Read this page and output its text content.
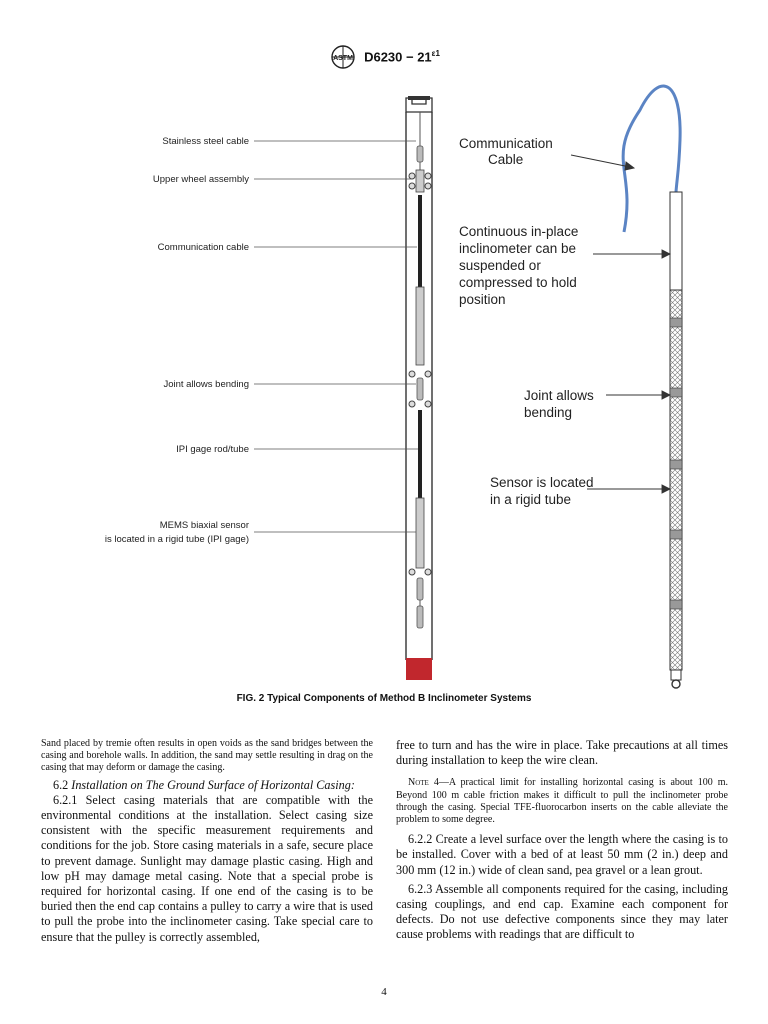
ASTM $D6230 - 21^{\varepsilon 1}$
Stainless steel cable
Upper wheel assembly
Communication cable
Joint allows bending
IPI gage rod/tube
MEMS biaxial sensor
is located in a rigid tube (IPI gage)
Communication
Cable
Continuous in-place
inclinometer can be
suspended or
compressed to hold
position
Joint allows
bending
Sensor is located
in a rigid tube
FIG. 2 Typical Components of Method B Inclinometer Systems

Sand placed by tremie often results in open voids as the sand bridges between the casing and borehole walls. In addition, the sand may settle resulting in drag on the casing that may deform or damage the casing.

6.2 Installation on The Ground Surface of Horizontal Casing:

6.2.1 Select casing materials that are compatible with the environmental conditions at the installation. Select casing size consistent with the specific measurement requirements and conditions for the job. Store casing materials in a safe, secure place to prevent damage. Sunlight may damage plastic casing. High and low pH may damage metal casing. Note that a special probe is required for horizontal casing. If one end of the casing is to be buried then the end cap contains a pulley to carry a wire that is used to pull the probe into the inclinometer casing. Take special care to ensure that the pulley is correctly assembled,

free to turn and has the wire in place. Take precautions at all times during installation to keep the wire clean.

Note 4—A practical limit for installing horizontal casing is about 100 m. Beyond 100 m cable friction makes it difficult to pull the inclinometer probe through the casing. Special TFE-fluorocarbon inserts on the cable alleviate the problem to some degree.

6.2.2 Create a level surface over the length where the casing is to be installed. Cover with a bed of at least 50 mm (2 in.) deep and 300 mm (12 in.) wide of clean sand, pea gravel or a lean grout.

6.2.3 Assemble all components required for the casing, including casing couplings, and end cap. Examine each component for defects. Do not use defective components since they may later cause problems with readings that are difficult to

4
